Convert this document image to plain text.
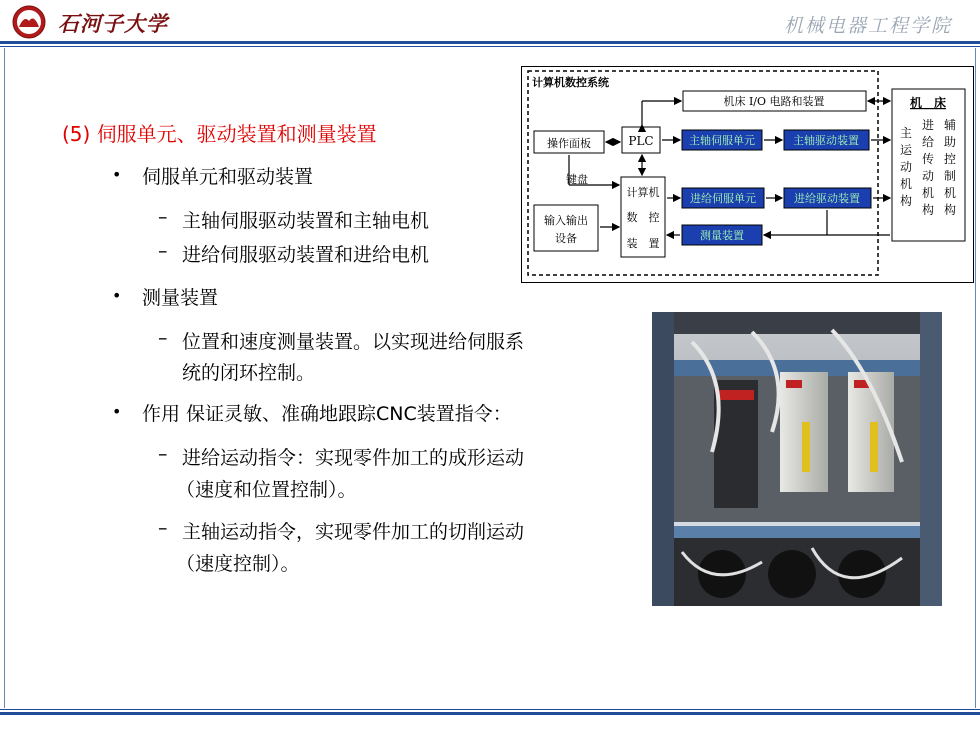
石河子大学	机械电器工程学院
(5) 伺服单元、驱动装置和测量装置
• 伺服单元和驱动装置
– 主轴伺服驱动装置和主轴电机
– 进给伺服驱动装置和进给电机
• 测量装置
– 位置和速度测量装置。以实现进给伺服系
统的闭环控制。
• 作用 保证灵敏、准确地跟踪CNC装置指令：
– 进给运动指令：实现零件加工的成形运动
（速度和位置控制）。
– 主轴运动指令，实现零件加工的切削运动
（速度控制）。
计算机数控系统
机　床
主
运
动
机
构
进
给
传
动
机
构
辅
助
控
制
机
构
机床 I/O 电路和装置
操作面板	PLC	主轴伺服单元	主轴驱动装置
计算机
数　控
装　置
键盘
输入输出
设备
进给伺服单元	进给驱动装置
测量装置
